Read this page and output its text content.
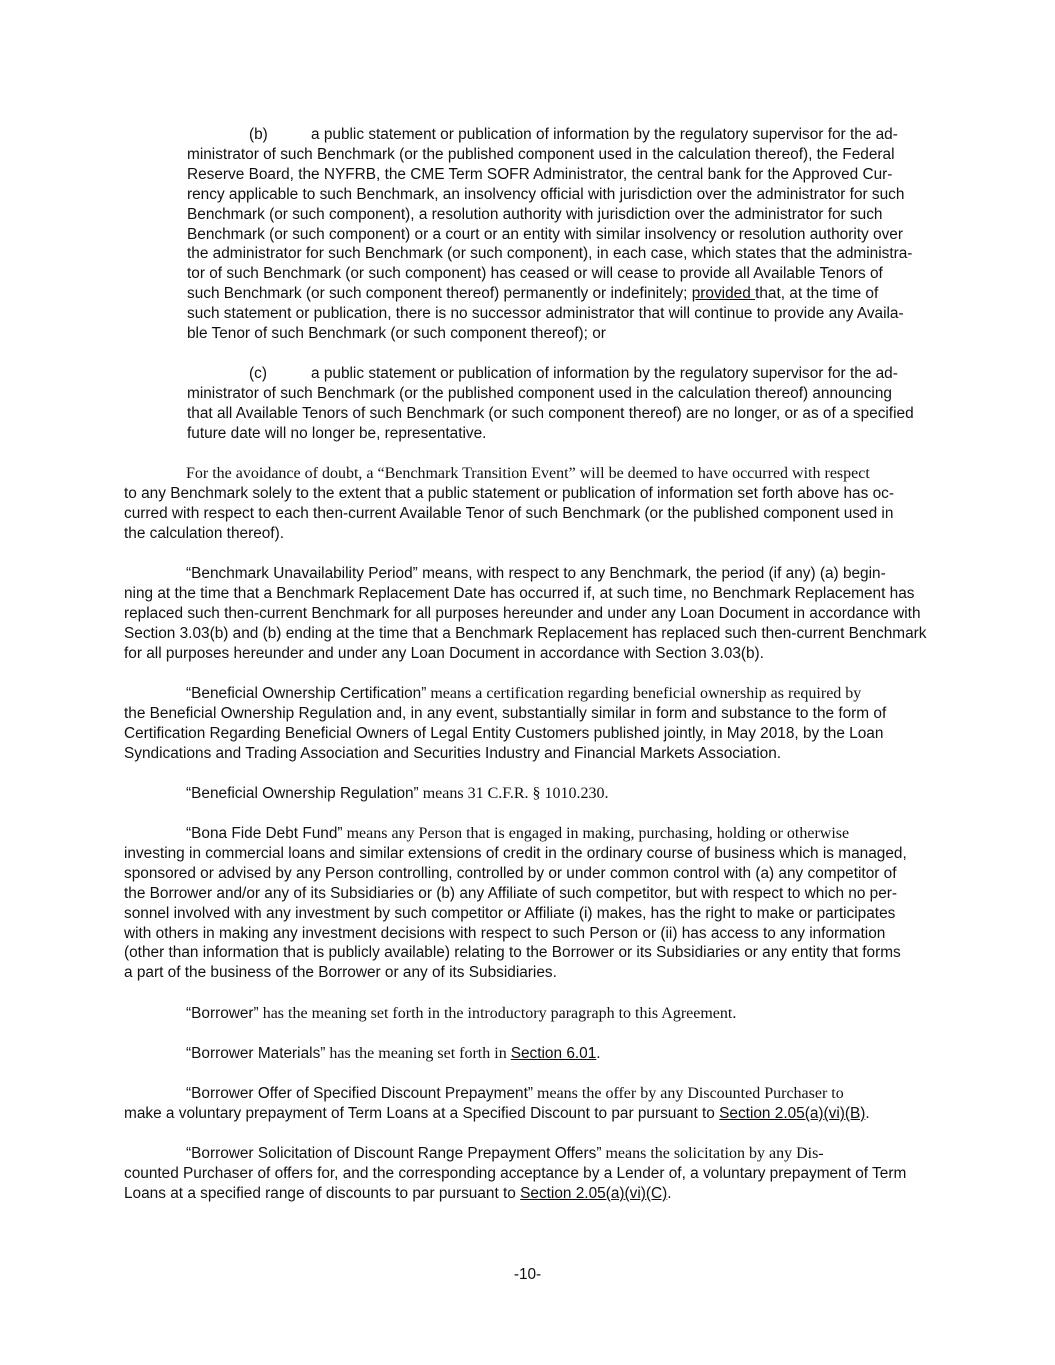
(b)	a public statement or publication of information by the regulatory supervisor for the ad-
ministrator of such Benchmark (or the published component used in the calculation thereof), the Federal
Reserve Board, the NYFRB, the CME Term SOFR Administrator, the central bank for the Approved Cur-
rency applicable to such Benchmark, an insolvency official with jurisdiction over the administrator for such
Benchmark (or such component), a resolution authority with jurisdiction over the administrator for such
Benchmark (or such component) or a court or an entity with similar insolvency or resolution authority over
the administrator for such Benchmark (or such component), in each case, which states that the administra-
tor of such Benchmark (or such component) has ceased or will cease to provide all Available Tenors of
such Benchmark (or such component thereof) permanently or indefinitely; provided that, at the time of
such statement or publication, there is no successor administrator that will continue to provide any Availa-
ble Tenor of such Benchmark (or such component thereof); or
(c)	a public statement or publication of information by the regulatory supervisor for the ad-
ministrator of such Benchmark (or the published component used in the calculation thereof) announcing
that all Available Tenors of such Benchmark (or such component thereof) are no longer, or as of a specified
future date will no longer be, representative.
For the avoidance of doubt, a “Benchmark Transition Event” will be deemed to have occurred with respect
to any Benchmark solely to the extent that a public statement or publication of information set forth above has oc-
curred with respect to each then-current Available Tenor of such Benchmark (or the published component used in
the calculation thereof).
“Benchmark Unavailability Period” means, with respect to any Benchmark, the period (if any) (a) begin-
ning at the time that a Benchmark Replacement Date has occurred if, at such time, no Benchmark Replacement has
replaced such then-current Benchmark for all purposes hereunder and under any Loan Document in accordance with
Section 3.03(b) and (b) ending at the time that a Benchmark Replacement has replaced such then-current Benchmark
for all purposes hereunder and under any Loan Document in accordance with Section 3.03(b).
“Beneficial Ownership Certification” means a certification regarding beneficial ownership as required by
the Beneficial Ownership Regulation and, in any event, substantially similar in form and substance to the form of
Certification Regarding Beneficial Owners of Legal Entity Customers published jointly, in May 2018, by the Loan
Syndications and Trading Association and Securities Industry and Financial Markets Association.
“Beneficial Ownership Regulation” means 31 C.F.R. § 1010.230.
“Bona Fide Debt Fund” means any Person that is engaged in making, purchasing, holding or otherwise
investing in commercial loans and similar extensions of credit in the ordinary course of business which is managed,
sponsored or advised by any Person controlling, controlled by or under common control with (a) any competitor of
the Borrower and/or any of its Subsidiaries or (b) any Affiliate of such competitor, but with respect to which no per-
sonnel involved with any investment by such competitor or Affiliate (i) makes, has the right to make or participates
with others in making any investment decisions with respect to such Person or (ii) has access to any information
(other than information that is publicly available) relating to the Borrower or its Subsidiaries or any entity that forms
a part of the business of the Borrower or any of its Subsidiaries.
“Borrower” has the meaning set forth in the introductory paragraph to this Agreement.
“Borrower Materials” has the meaning set forth in Section 6.01.
“Borrower Offer of Specified Discount Prepayment” means the offer by any Discounted Purchaser to
make a voluntary prepayment of Term Loans at a Specified Discount to par pursuant to Section 2.05(a)(vi)(B).
“Borrower Solicitation of Discount Range Prepayment Offers” means the solicitation by any Dis-
counted Purchaser of offers for, and the corresponding acceptance by a Lender of, a voluntary prepayment of Term
Loans at a specified range of discounts to par pursuant to Section 2.05(a)(vi)(C).
-10-
